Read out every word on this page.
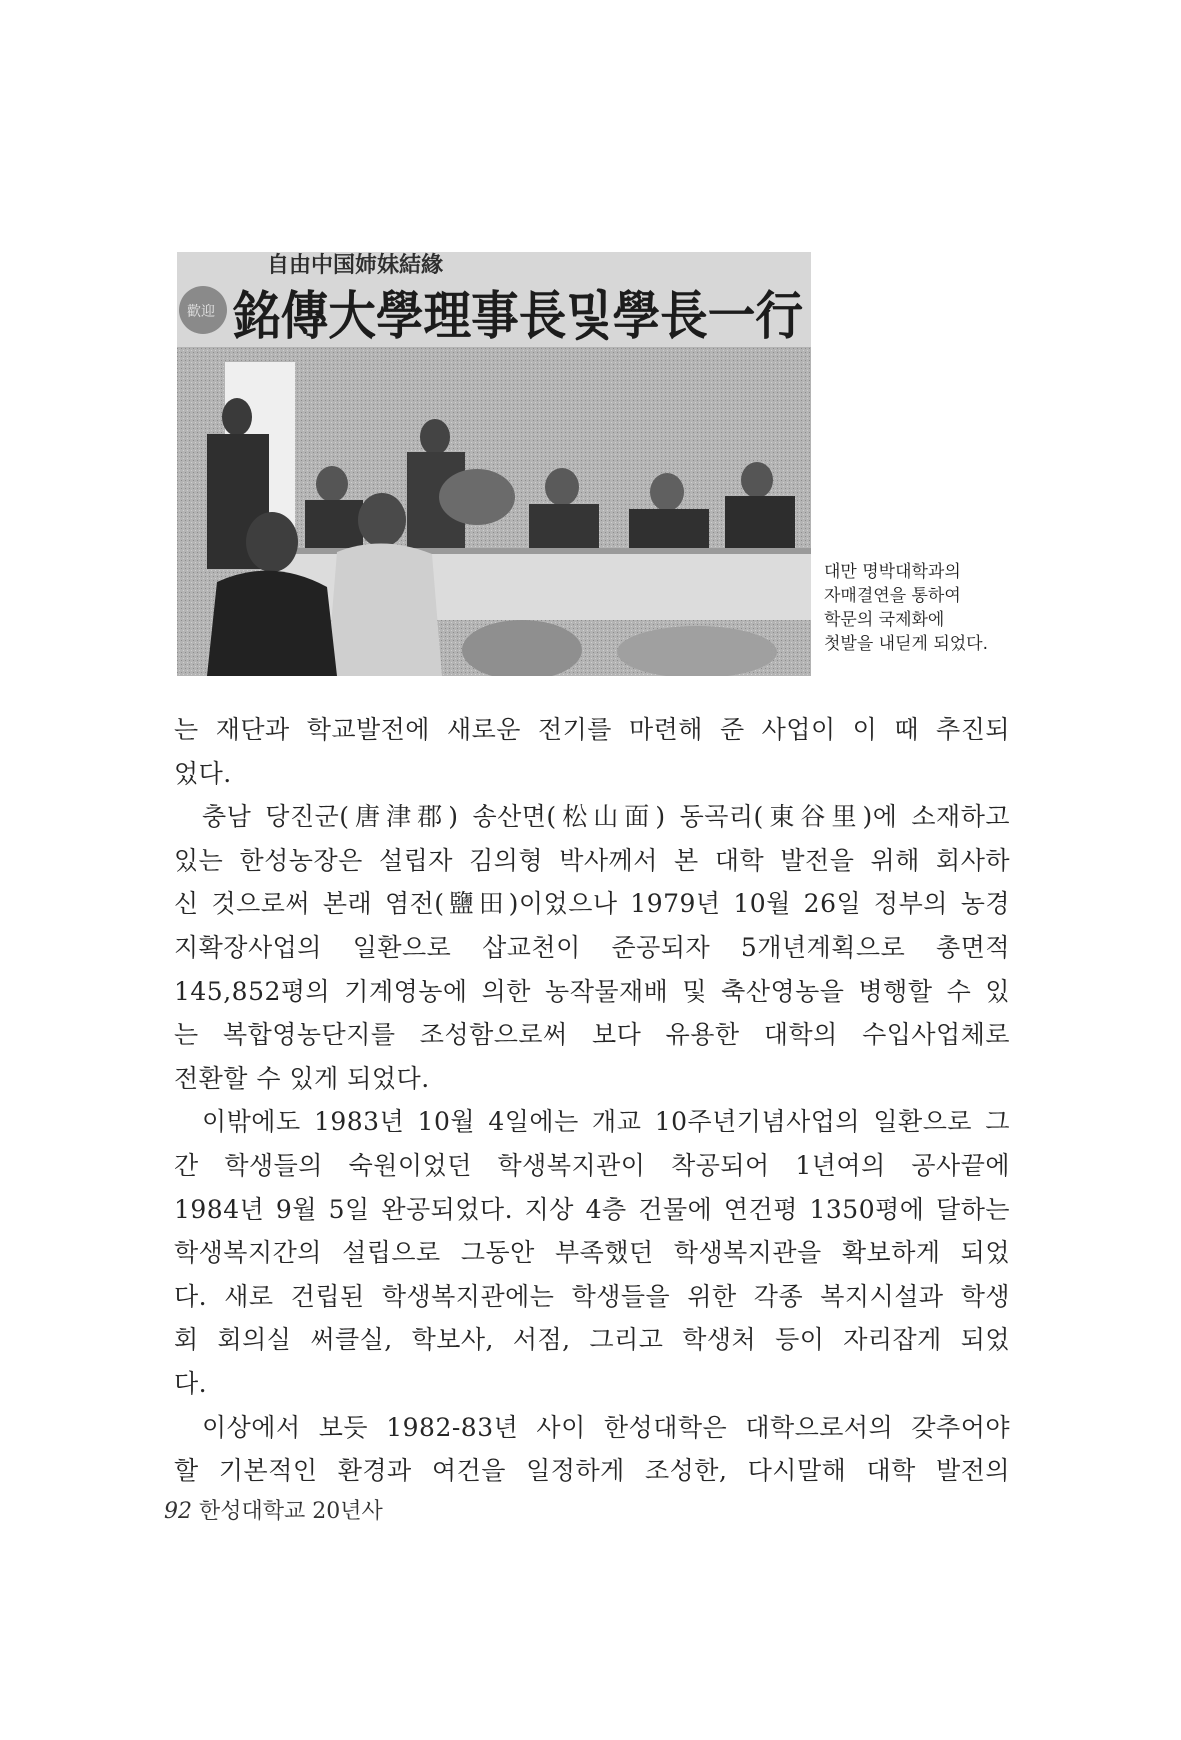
自由中国姉妹結緣
歡迎 銘傳大學理事長및學長一行
대만 명박대학과의
자매결연을 통하여
학문의 국제화에
첫발을 내딛게 되었다.
는 재단과 학교발전에 새로운 전기를 마련해 준 사업이 이 때 추진되
었다.
충남 당진군(唐津郡) 송산면(松山面) 동곡리(東谷里)에 소재하고
있는 한성농장은 설립자 김의형 박사께서 본 대학 발전을 위해 회사하
신 것으로써 본래 염전(鹽田)이었으나 1979년 10월 26일 정부의 농경
지확장사업의 일환으로 삽교천이 준공되자 5개년계획으로 총면적
145,852평의 기계영농에 의한 농작물재배 및 축산영농을 병행할 수 있
는 복합영농단지를 조성함으로써 보다 유용한 대학의 수입사업체로
전환할 수 있게 되었다.
이밖에도 1983년 10월 4일에는 개교 10주년기념사업의 일환으로 그
간 학생들의 숙원이었던 학생복지관이 착공되어 1년여의 공사끝에
1984년 9월 5일 완공되었다. 지상 4층 건물에 연건평 1350평에 달하는
학생복지간의 설립으로 그동안 부족했던 학생복지관을 확보하게 되었
다. 새로 건립된 학생복지관에는 학생들을 위한 각종 복지시설과 학생
회 회의실 써클실, 학보사, 서점, 그리고 학생처 등이 자리잡게 되었
다.
이상에서 보듯 1982-83년 사이 한성대학은 대학으로서의 갖추어야
할 기본적인 환경과 여건을 일정하게 조성한, 다시말해 대학 발전의
92 한성대학교 20년사
